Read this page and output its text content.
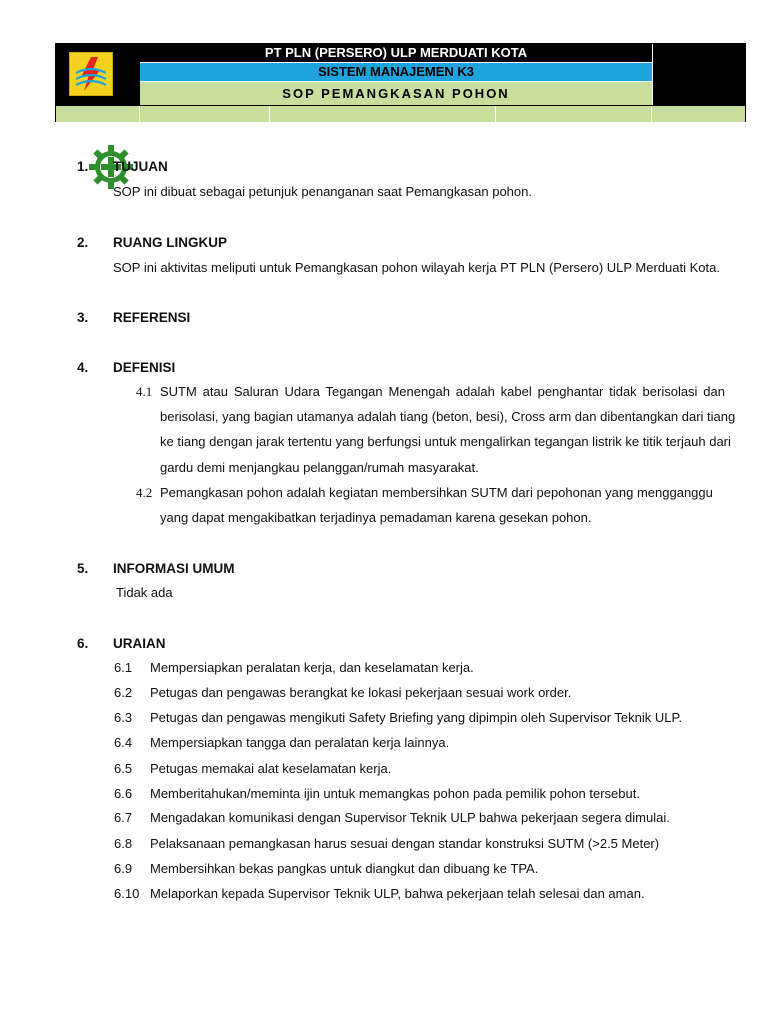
PT PLN (PERSERO) ULP MERDUATI KOTA
SISTEM MANAJEMEN K3
SOP PEMANGKASAN POHON
1. TUJUAN
SOP ini dibuat sebagai petunjuk penanganan saat Pemangkasan pohon.
2. RUANG LINGKUP
SOP ini aktivitas meliputi untuk Pemangkasan pohon wilayah kerja PT PLN (Persero) ULP Merduati Kota.
3. REFERENSI
4. DEFENISI
4.1 SUTM atau Saluran Udara Tegangan Menengah adalah kabel penghantar tidak berisolasi dan
berisolasi, yang bagian utamanya adalah tiang (beton, besi), Cross arm dan dibentangkan dari tiang
ke tiang dengan jarak tertentu yang berfungsi untuk mengalirkan tegangan listrik ke titik terjauh dari
gardu demi menjangkau pelanggan/rumah masyarakat.
4.2 Pemangkasan pohon adalah kegiatan membersihkan SUTM dari pepohonan yang mengganggu
yang dapat mengakibatkan terjadinya pemadaman karena gesekan pohon.
5. INFORMASI UMUM
Tidak ada
6. URAIAN
6.1 Mempersiapkan peralatan kerja, dan keselamatan kerja.
6.2 Petugas dan pengawas berangkat ke lokasi pekerjaan sesuai work order.
6.3 Petugas dan pengawas mengikuti Safety Briefing yang dipimpin oleh Supervisor Teknik ULP.
6.4 Mempersiapkan tangga dan peralatan kerja lainnya.
6.5 Petugas memakai alat keselamatan kerja.
6.6 Memberitahukan/meminta ijin untuk memangkas pohon pada pemilik pohon tersebut.
6.7 Mengadakan komunikasi dengan Supervisor Teknik ULP bahwa pekerjaan segera dimulai.
6.8 Pelaksanaan pemangkasan harus sesuai dengan standar konstruksi SUTM (>2.5 Meter)
6.9 Membersihkan bekas pangkas untuk diangkut dan dibuang ke TPA.
6.10 Melaporkan kepada Supervisor Teknik ULP, bahwa pekerjaan telah selesai dan aman.
